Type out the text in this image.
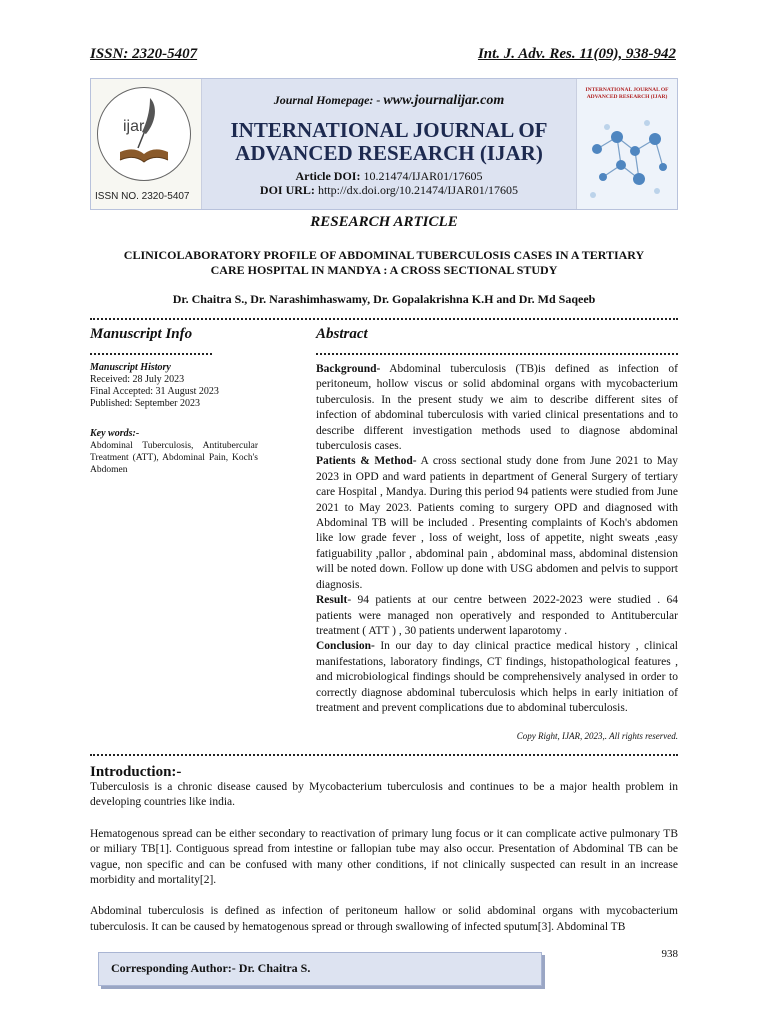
ISSN: 2320-5407	Int. J. Adv. Res. 11(09), 938-942
ijar
ISSN NO. 2320-5407
Journal Homepage: - www.journalijar.com
INTERNATIONAL JOURNAL OF
ADVANCED RESEARCH (IJAR)
Article DOI: 10.21474/IJAR01/17605
DOI URL: http://dx.doi.org/10.21474/IJAR01/17605
INTERNATIONAL JOURNAL OF ADVANCED RESEARCH (IJAR)
RESEARCH ARTICLE
CLINICOLABORATORY PROFILE OF ABDOMINAL TUBERCULOSIS CASES IN A TERTIARY
CARE HOSPITAL IN MANDYA : A CROSS SECTIONAL STUDY
Dr. Chaitra S., Dr. Narashimhaswamy, Dr. Gopalakrishna K.H and Dr. Md Saqeeb
Manuscript Info	Abstract
Manuscript History
Received: 28 July 2023
Final Accepted: 31 August 2023
Published: September 2023
Key words:-
Abdominal Tuberculosis, Antitubercular Treatment (ATT), Abdominal Pain, Koch's Abdomen

Background- Abdominal tuberculosis (TB)is defined as infection of peritoneum, hollow viscus or solid abdominal organs with mycobacterium tuberculosis. In the present study we aim to describe different sites of infection of abdominal tuberculosis with varied clinical presentations and to describe different investigation methods used to diagnose abdominal tuberculosis cases.

Patients & Method- A cross sectional study done from June 2021 to May 2023 in OPD and ward patients in department of General Surgery of tertiary care Hospital , Mandya. During this period 94 patients were studied from June 2021 to May 2023. Patients coming to surgery OPD and diagnosed with Abdominal TB will be included . Presenting complaints of Koch's abdomen like low grade fever , loss of weight, loss of appetite, night sweats ,easy fatiguability ,pallor , abdominal pain , abdominal mass, abdominal distension will be noted down. Follow up done with USG abdomen and pelvis to support diagnosis.

Result- 94 patients at our centre between 2022-2023 were studied . 64 patients were managed non operatively and responded to Antitubercular treatment ( ATT ) , 30 patients underwent laparotomy .

Conclusion- In our day to day clinical practice medical history , clinical manifestations, laboratory findings, CT findings, histopathological features , and microbiological findings should be comprehensively analysed in order to correctly diagnose abdominal tuberculosis which helps in early initiation of treatment and prevent complications due to abdominal tuberculosis.

Copy Right, IJAR, 2023,. All rights reserved.
Introduction:-

Tuberculosis is a chronic disease caused by Mycobacterium tuberculosis and continues to be a major health problem in developing countries like india.

Hematogenous spread can be either secondary to reactivation of primary lung focus or it can complicate active pulmonary TB or miliary TB[1]. Contiguous spread from intestine or fallopian tube may also occur. Presentation of Abdominal TB can be vague, non specific and can be confused with many other conditions, if not clinically suspected can result in an increase morbidity and mortality[2].

Abdominal tuberculosis is defined as infection of peritoneum hallow or solid abdominal organs with mycobacterium tuberculosis. It can be caused by hematogenous spread or through swallowing of infected sputum[3]. Abdominal TB

938
Corresponding Author:- Dr. Chaitra S.
